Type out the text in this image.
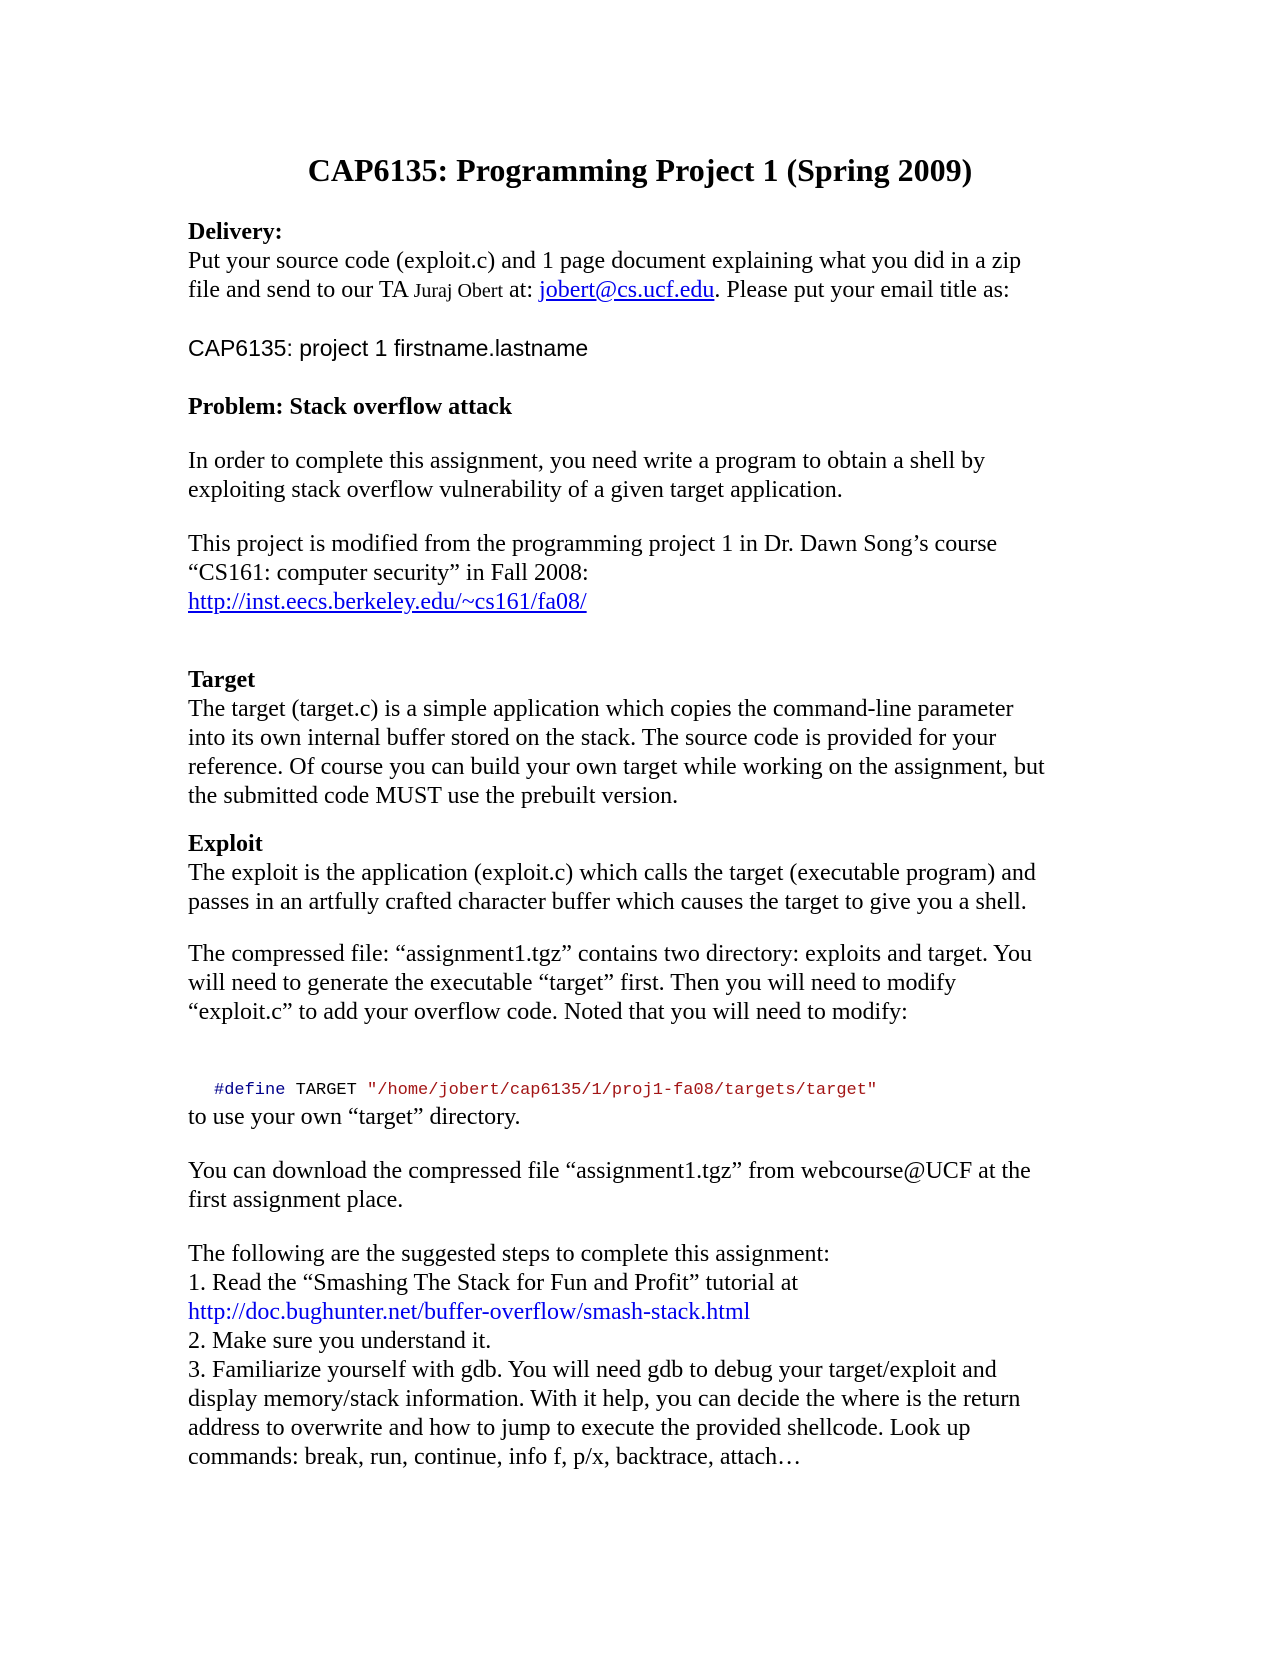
CAP6135: Programming Project 1 (Spring 2009)
Delivery:
Put your source code (exploit.c) and 1 page document explaining what you did in a zip
file and send to our TA Juraj Obert at: jobert@cs.ucf.edu. Please put your email title as:
CAP6135: project 1 firstname.lastname
Problem: Stack overflow attack
In order to complete this assignment, you need write a program to obtain a shell by
exploiting stack overflow vulnerability of a given target application.
This project is modified from the programming project 1 in Dr. Dawn Song’s course
“CS161: computer security” in Fall 2008:
http://inst.eecs.berkeley.edu/~cs161/fa08/
Target
The target (target.c) is a simple application which copies the command-line parameter
into its own internal buffer stored on the stack. The source code is provided for your
reference. Of course you can build your own target while working on the assignment, but
the submitted code MUST use the prebuilt version.
Exploit
The exploit is the application (exploit.c) which calls the target (executable program) and
passes in an artfully crafted character buffer which causes the target to give you a shell.
The compressed file: “assignment1.tgz” contains two directory: exploits and target. You
will need to generate the executable “target” first. Then you will need to modify
“exploit.c” to add your overflow code. Noted that you will need to modify:
#define TARGET "/home/jobert/cap6135/1/proj1-fa08/targets/target"
to use your own “target” directory.
You can download the compressed file “assignment1.tgz” from webcourse@UCF at the
first assignment place.
The following are the suggested steps to complete this assignment:
1. Read the “Smashing The Stack for Fun and Profit” tutorial at
http://doc.bughunter.net/buffer-overflow/smash-stack.html
2. Make sure you understand it.
3. Familiarize yourself with gdb. You will need gdb to debug your target/exploit and
display memory/stack information. With it help, you can decide the where is the return
address to overwrite and how to jump to execute the provided shellcode. Look up
commands: break, run, continue, info f, p/x, backtrace, attach…
